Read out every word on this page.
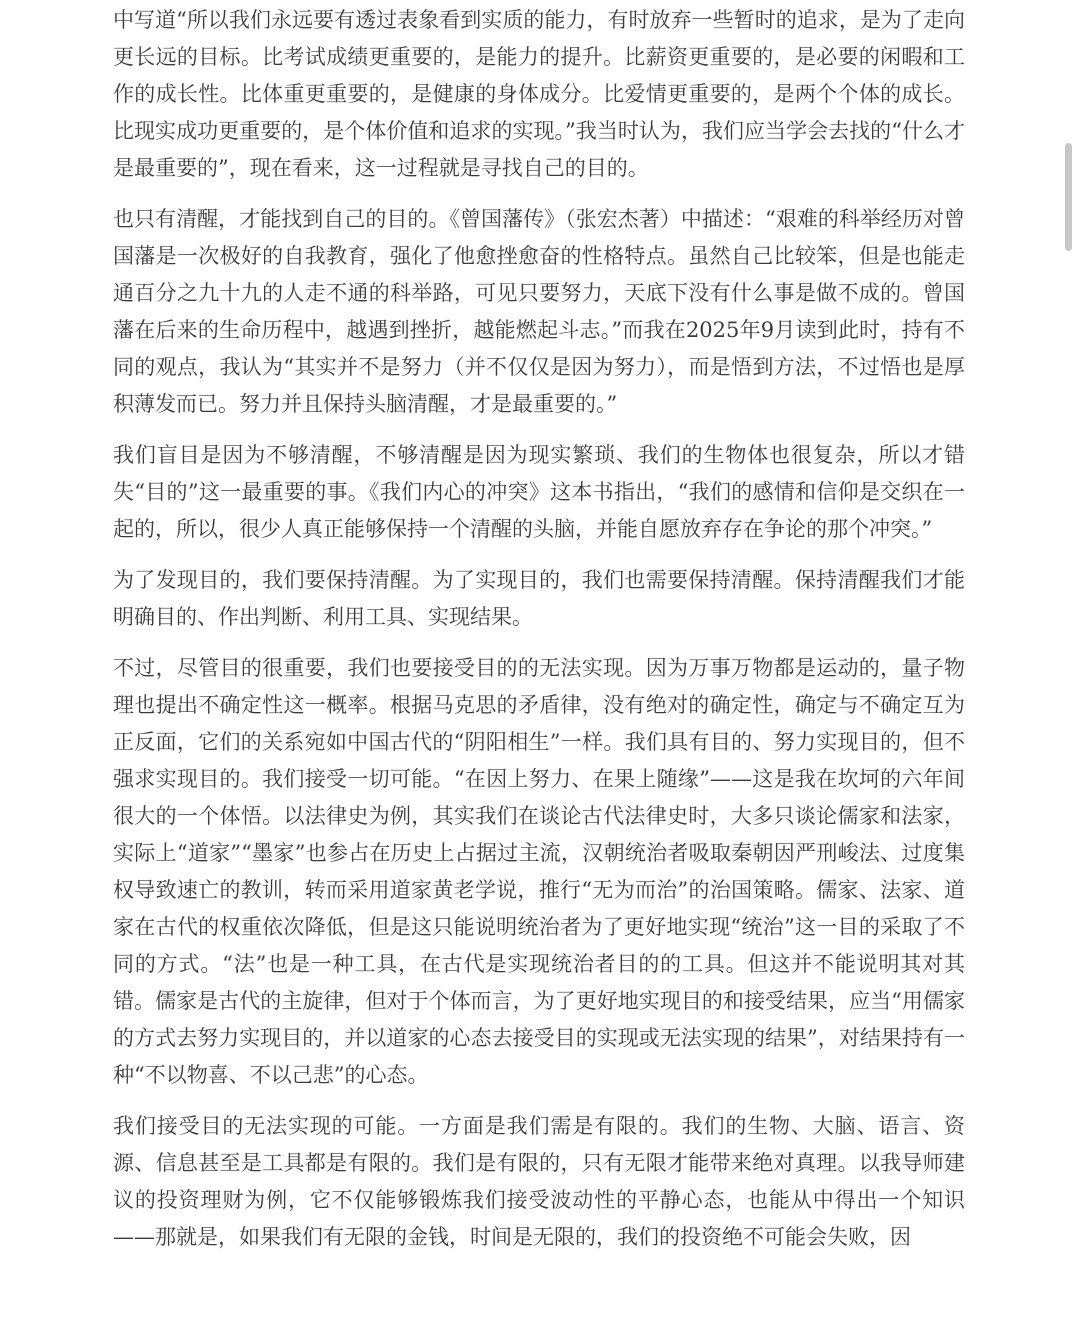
中写道“所以我们永远要有透过表象看到实质的能力，有时放弃一些暂时的追求，是为了走向更长远的目标。比考试成绩更重要的，是能力的提升。比薪资更重要的，是必要的闲暇和工作的成长性。比体重更重要的，是健康的身体成分。比爱情更重要的，是两个个体的成长。比现实成功更重要的，是个体价值和追求的实现。”我当时认为，我们应当学会去找的“什么才是最重要的”，现在看来，这一过程就是寻找自己的目的。

也只有清醒，才能找到自己的目的。《曾国藩传》（张宏杰著）中描述：“艰难的科举经历对曾国藩是一次极好的自我教育，强化了他愈挫愈奋的性格特点。虽然自己比较笨，但是也能走通百分之九十九的人走不通的科举路，可见只要努力，天底下没有什么事是做不成的。曾国藩在后来的生命历程中，越遇到挫折，越能燃起斗志。”而我在2025年9月读到此时，持有不同的观点，我认为“其实并不是努力（并不仅仅是因为努力），而是悟到方法，不过悟也是厚积薄发而已。努力并且保持头脑清醒，才是最重要的。”

我们盲目是因为不够清醒，不够清醒是因为现实繁琐、我们的生物体也很复杂，所以才错失“目的”这一最重要的事。《我们内心的冲突》这本书指出，“我们的感情和信仰是交织在一起的，所以，很少人真正能够保持一个清醒的头脑，并能自愿放弃存在争论的那个冲突。”

为了发现目的，我们要保持清醒。为了实现目的，我们也需要保持清醒。保持清醒我们才能明确目的、作出判断、利用工具、实现结果。

不过，尽管目的很重要，我们也要接受目的的无法实现。因为万事万物都是运动的，量子物理也提出不确定性这一概率。根据马克思的矛盾律，没有绝对的确定性，确定与不确定互为正反面，它们的关系宛如中国古代的“阴阳相生”一样。我们具有目的、努力实现目的，但不强求实现目的。我们接受一切可能。“在因上努力、在果上随缘”——这是我在坎坷的六年间很大的一个体悟。以法律史为例，其实我们在谈论古代法律史时，大多只谈论儒家和法家，实际上“道家”“墨家”也参占在历史上占据过主流，汉朝统治者吸取秦朝因严刑峻法、过度集权导致速亡的教训，转而采用道家黄老学说，推行“无为而治”的治国策略。儒家、法家、道家在古代的权重依次降低，但是这只能说明统治者为了更好地实现“统治”这一目的采取了不同的方式。“法”也是一种工具，在古代是实现统治者目的的工具。但这并不能说明其对其错。儒家是古代的主旋律，但对于个体而言，为了更好地实现目的和接受结果，应当“用儒家的方式去努力实现目的，并以道家的心态去接受目的实现或无法实现的结果”，对结果持有一种“不以物喜、不以己悲”的心态。

我们接受目的无法实现的可能。一方面是我们需是有限的。我们的生物、大脑、语言、资源、信息甚至是工具都是有限的。我们是有限的，只有无限才能带来绝对真理。以我导师建议的投资理财为例，它不仅能够锻炼我们接受波动性的平静心态，也能从中得出一个知识——那就是，如果我们有无限的金钱，时间是无限的，我们的投资绝不可能会失败，因
